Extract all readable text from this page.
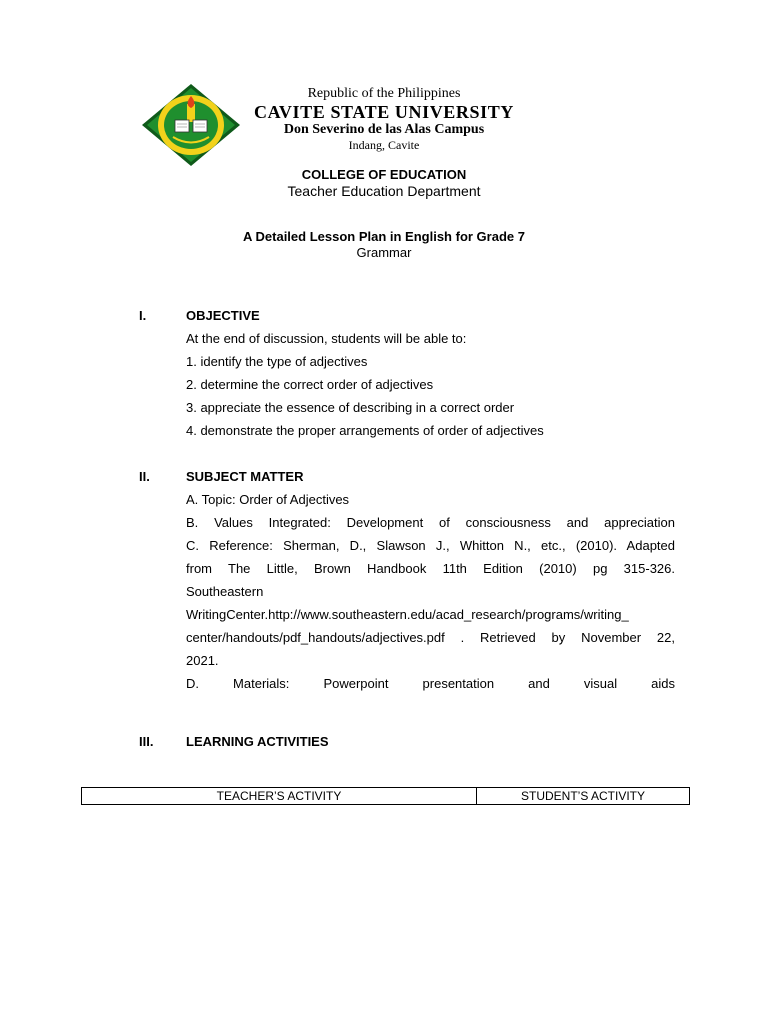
Republic of the Philippines
CAVITE STATE UNIVERSITY
Don Severino de las Alas Campus
Indang, Cavite
COLLEGE OF EDUCATION
Teacher Education Department
A Detailed Lesson Plan in English for Grade 7
Grammar
I.	OBJECTIVE
At the end of discussion, students will be able to:
1. identify the type of adjectives
2. determine the correct order of adjectives
3. appreciate the essence of describing in a correct order
4. demonstrate the proper arrangements of order of adjectives
II.	SUBJECT MATTER
A. Topic: Order of Adjectives
B. Values Integrated: Development of consciousness and appreciation
C. Reference: Sherman, D., Slawson J., Whitton N., etc., (2010). Adapted
from The Little, Brown Handbook 11th Edition (2010) pg 315-326.
Southeastern
WritingCenter.http://www.southeastern.edu/acad_research/programs/writing_
center/handouts/pdf_handouts/adjectives.pdf . Retrieved by November 22,
2021.
D. Materials: Powerpoint presentation and visual aids
III.	LEARNING ACTIVITIES
TEACHER’S ACTIVITY	STUDENT’S ACTIVITY
